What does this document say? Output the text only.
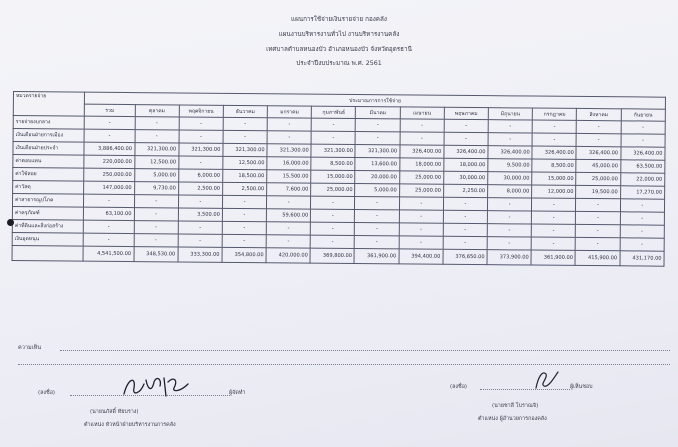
แผนการใช้จ่ายเงินรายจ่าย กองคลัง
แผนงานบริหารงานทั่วไป งานบริหารงานคลัง
เทศบาลตำบลหนองบัว อำเภอหนองบัว จังหวัดอุดรธานี
ประจำปีงบประมาณ พ.ศ. 2561
หมวดรายจ่าย	ประมาณการการใช้จ่าย												
	รวม	ตุลาคม	พฤศจิกายน	ธันวาคม	มกราคม	กุมภาพันธ์	มีนาคม	เมษายน	พฤษภาคม	มิถุนายน	กรกฎาคม	สิงหาคม	กันยายน
รายจ่ายงบกลาง	-	-	-	-	-	-	-	-	-	-	-	-	-
เงินเดือนฝ่ายการเมือง	-	-	-	-	-	-	-	-	-	-	-	-	-
เงินเดือนฝ่ายประจำ	3,886,400.00	321,300.00	321,300.00	321,300.00	321,300.00	321,300.00	321,300.00	326,400.00	326,400.00	326,400.00	326,400.00	326,400.00	326,400.00
ค่าตอบแทน	220,000.00	12,500.00	-	12,500.00	16,000.00	8,500.00	13,600.00	18,000.00	18,000.00	9,500.00	8,500.00	45,000.00	63,500.00
ค่าใช้สอย	250,000.00	5,000.00	6,000.00	18,500.00	15,500.00	15,000.00	20,000.00	25,000.00	30,000.00	30,000.00	15,000.00	25,000.00	22,000.00
ค่าวัสดุ	147,000.00	9,730.00	2,500.00	2,500.00	7,600.00	25,000.00	5,000.00	25,000.00	2,250.00	8,000.00	12,000.00	19,500.00	17,270.00
ค่าสาธารณูปโภค	-	-	-	-	-	-	-	-	-	-	-	-	-
ค่าครุภัณฑ์	63,100.00	-	3,500.00	-	59,600.00	-	-	-	-	-	-	-	-
ค่าที่ดินและสิ่งก่อสร้าง	-	-	-	-	-	-	-	-	-	-	-	-	-
เงินอุดหนุน	-	-	-	-	-	-	-	-	-	-	-	-	-
	4,541,500.00	348,530.00	333,300.00	354,800.00	420,000.00	369,800.00	361,900.00	394,400.00	376,650.00	373,900.00	361,900.00	415,900.00	431,170.00
ความเห็น
(ลงชื่อ)	ผู้จัดทำ
(นายนภัสดิ์ ทัยบราง)
ตำแหน่ง หัวหน้าฝ่ายบริหารงานการคลัง
(ลงชื่อ)	ผู้เห็นชอบ
(นายชาลี โบราณจิ)
ตำแหน่ง ผู้อำนวยการกองคลัง
